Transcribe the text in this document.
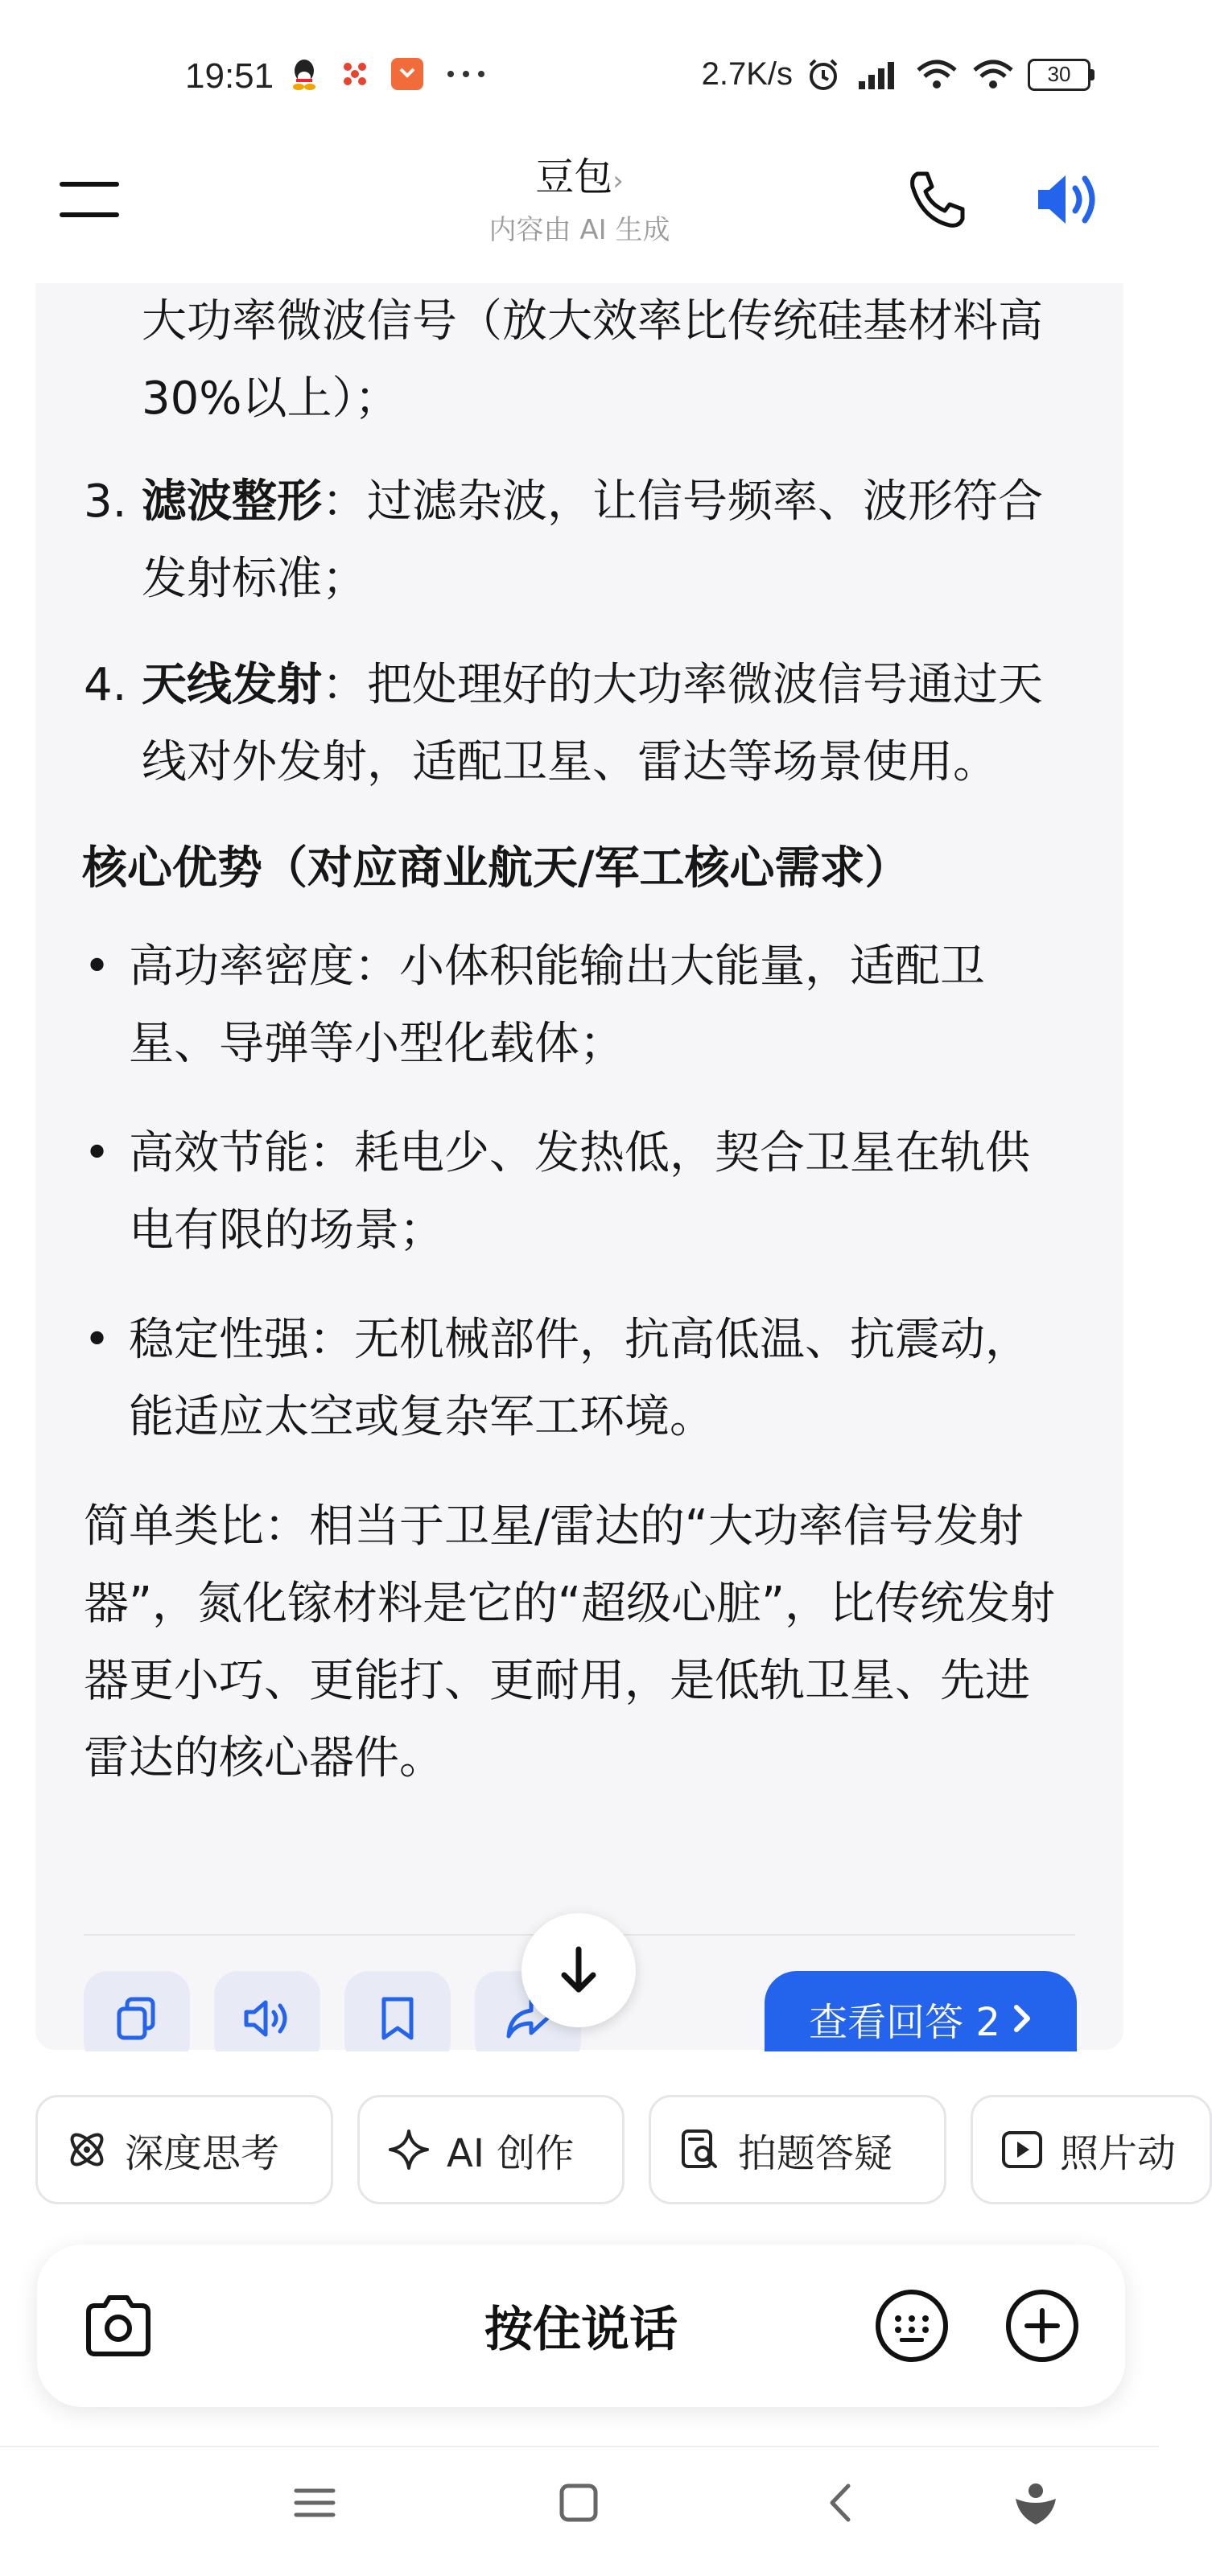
19:51	2.7K/s	30
豆包›
内容由 AI 生成
大功率微波信号（放大效率比传统硅基材料高30%以上）；
3. 滤波整形：过滤杂波，让信号频率、波形符合发射标准；
4. 天线发射：把处理好的大功率微波信号通过天线对外发射，适配卫星、雷达等场景使用。
核心优势（对应商业航天/军工核心需求）
• 高功率密度：小体积能输出大能量，适配卫星、导弹等小型化载体；
• 高效节能：耗电少、发热低，契合卫星在轨供电有限的场景；
• 稳定性强：无机械部件，抗高低温、抗震动，能适应太空或复杂军工环境。
简单类比：相当于卫星/雷达的“大功率信号发射器”，氮化镓材料是它的“超级心脏”，比传统发射器更小巧、更能打、更耐用，是低轨卫星、先进雷达的核心器件。
查看回答 2
深度思考	AI 创作	拍题答疑	照片动
按住说话
